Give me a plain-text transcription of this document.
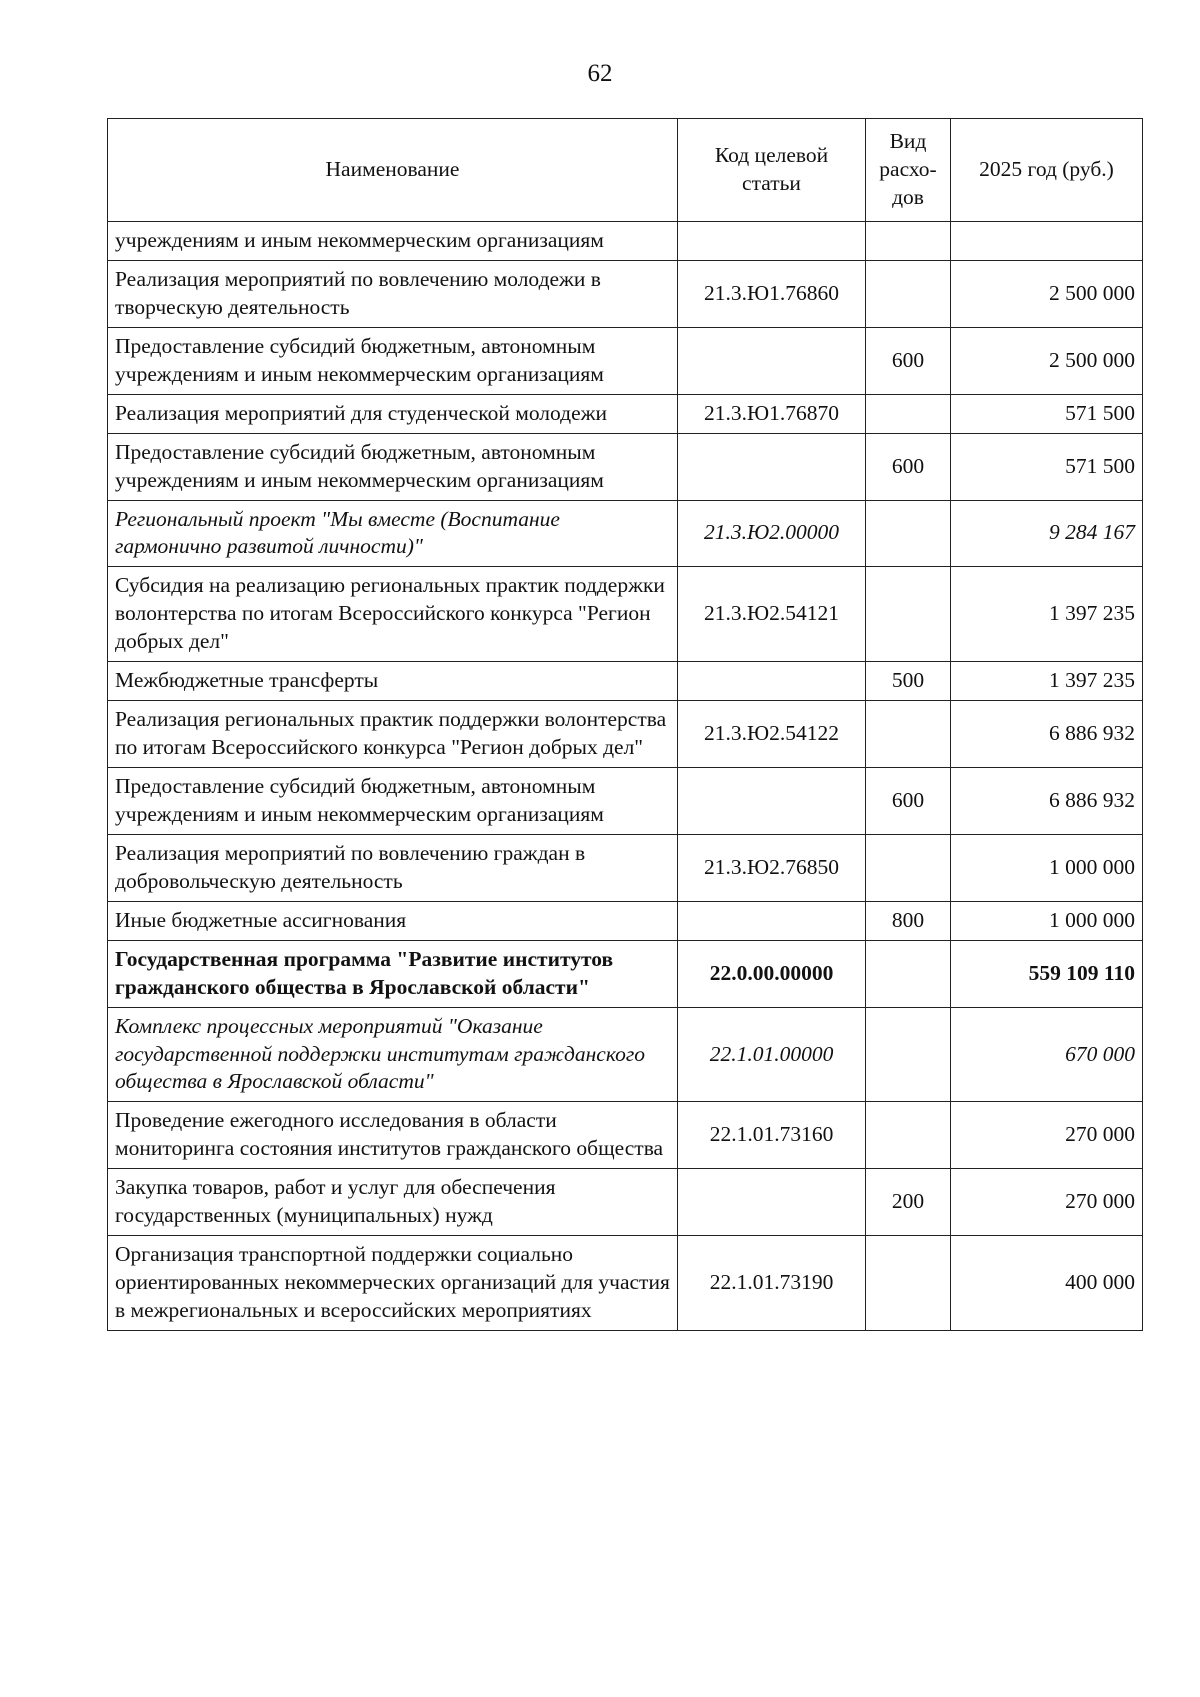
62
Наименование	Код целевой статьи	Вид расхо-дов	2025 год (руб.)
учреждениям и иным некоммерческим организациям			
Реализация мероприятий по вовлечению молодежи в творческую деятельность	21.3.Ю1.76860		2 500 000
Предоставление субсидий бюджетным, автономным учреждениям и иным некоммерческим организациям		600	2 500 000
Реализация мероприятий для студенческой молодежи	21.3.Ю1.76870		571 500
Предоставление субсидий бюджетным, автономным учреждениям и иным некоммерческим организациям		600	571 500
Региональный проект "Мы вместе (Воспитание гармонично развитой личности)"	21.3.Ю2.00000		9 284 167
Субсидия на реализацию региональных практик поддержки волонтерства по итогам Всероссийского конкурса "Регион добрых дел"	21.3.Ю2.54121		1 397 235
Межбюджетные трансферты		500	1 397 235
Реализация региональных практик поддержки волонтерства по итогам Всероссийского конкурса "Регион добрых дел"	21.3.Ю2.54122		6 886 932
Предоставление субсидий бюджетным, автономным учреждениям и иным некоммерческим организациям		600	6 886 932
Реализация мероприятий по вовлечению граждан в добровольческую деятельность	21.3.Ю2.76850		1 000 000
Иные бюджетные ассигнования		800	1 000 000
Государственная программа "Развитие институтов гражданского общества в Ярославской области"	22.0.00.00000		559 109 110
Комплекс процессных мероприятий "Оказание государственной поддержки институтам гражданского общества в Ярославской области"	22.1.01.00000		670 000
Проведение ежегодного исследования в области мониторинга состояния институтов гражданского общества	22.1.01.73160		270 000
Закупка товаров, работ и услуг для обеспечения государственных (муниципальных) нужд		200	270 000
Организация транспортной поддержки социально ориентированных некоммерческих организаций для участия в межрегиональных и всероссийских мероприятиях	22.1.01.73190		400 000
